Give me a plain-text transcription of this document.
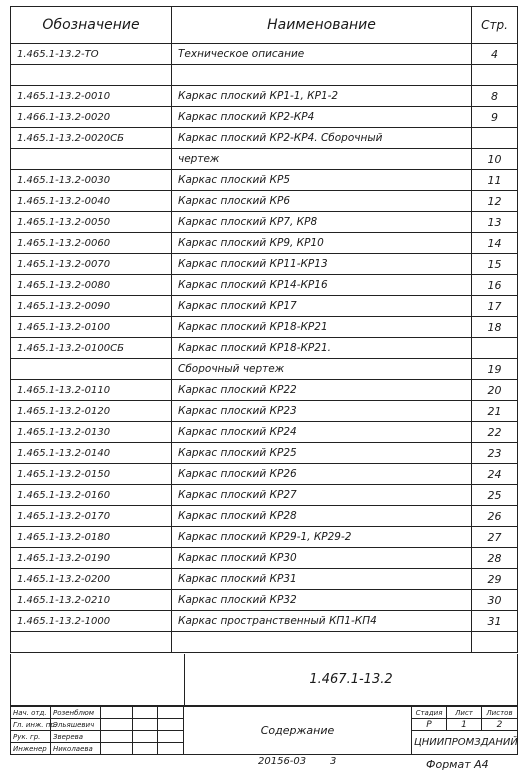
Обозначение	Наименование	Стр.
1.465.1-13.2-ТО	Техническое описание	4

1.465.1-13.2-0010	Каркас плоский КР1-1, КР1-2	8
1.466.1-13.2-0020	Каркас плоский КР2-КР4	9
1.465.1-13.2-0020СБ	Каркас плоский КР2-КР4. Сборочный	
	чертеж	10
1.465.1-13.2-0030	Каркас плоский КР5	11
1.465.1-13.2-0040	Каркас плоский КР6	12
1.465.1-13.2-0050	Каркас плоский КР7, КР8	13
1.465.1-13.2-0060	Каркас плоский КР9, КР10	14
1.465.1-13.2-0070	Каркас плоский КР11-КР13	15
1.465.1-13.2-0080	Каркас плоский КР14-КР16	16
1.465.1-13.2-0090	Каркас плоский КР17	17
1.465.1-13.2-0100	Каркас плоский КР18-КР21	18
1.465.1-13.2-0100СБ	Каркас плоский КР18-КР21.	
	Сборочный чертеж	19
1.465.1-13.2-0110	Каркас плоский КР22	20
1.465.1-13.2-0120	Каркас плоский КР23	21
1.465.1-13.2-0130	Каркас плоский КР24	22
1.465.1-13.2-0140	Каркас плоский КР25	23
1.465.1-13.2-0150	Каркас плоский КР26	24
1.465.1-13.2-0160	Каркас плоский КР27	25
1.465.1-13.2-0170	Каркас плоский КР28	26
1.465.1-13.2-0180	Каркас плоский КР29-1, КР29-2	27
1.465.1-13.2-0190	Каркас плоский КР30	28
1.465.1-13.2-0200	Каркас плоский КР31	29
1.465.1-13.2-0210	Каркас плоский КР32	30
1.465.1-13.2-1000	Каркас пространственный КП1-КП4	31

1.467.1-13.2
Нач. отд.	Розенблюм				Содержание	Стадия	Лист	Листов
Гл. инж. пр.	Эльяшевич					Р	1	2
Рук. гр.	Зверева					ЦНИИПРОМЗДАНИЙ		
Инженер	Николаева							
20156-03 3	Формат А4
